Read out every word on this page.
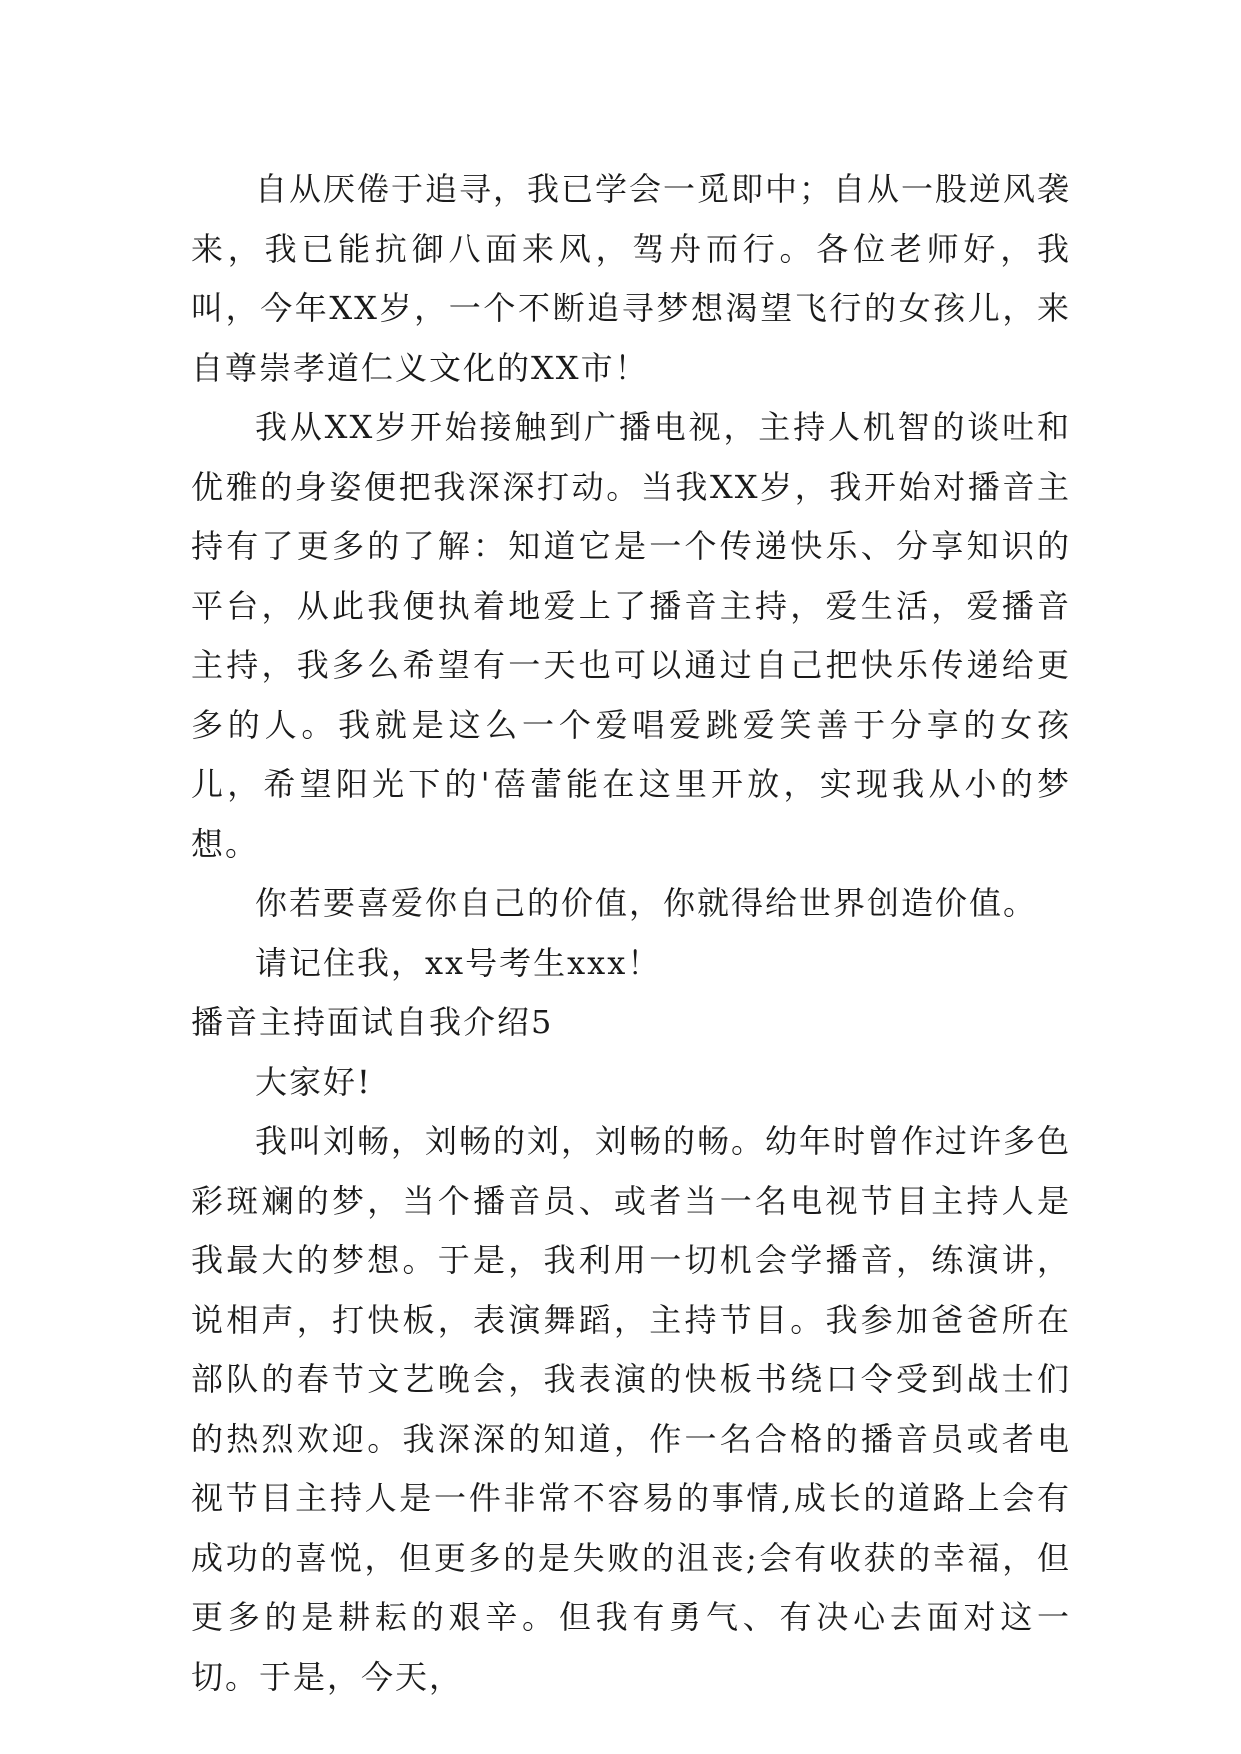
自从厌倦于追寻，我已学会一觅即中；自从一股逆风袭来，我已能抗御八面来风，驾舟而行。各位老师好，我叫，今年XX岁，一个不断追寻梦想渴望飞行的女孩儿，来自尊崇孝道仁义文化的XX市！

我从XX岁开始接触到广播电视，主持人机智的谈吐和优雅的身姿便把我深深打动。当我XX岁，我开始对播音主持有了更多的了解：知道它是一个传递快乐、分享知识的平台，从此我便执着地爱上了播音主持，爱生活，爱播音主持，我多么希望有一天也可以通过自己把快乐传递给更多的人。我就是这么一个爱唱爱跳爱笑善于分享的女孩儿，希望阳光下的'蓓蕾能在这里开放，实现我从小的梦想。

你若要喜爱你自己的价值，你就得给世界创造价值。

请记住我，xx号考生xxx！

播音主持面试自我介绍5

大家好!

我叫刘畅，刘畅的刘，刘畅的畅。幼年时曾作过许多色彩斑斓的梦，当个播音员、或者当一名电视节目主持人是我最大的梦想。于是，我利用一切机会学播音，练演讲，说相声，打快板，表演舞蹈，主持节目。我参加爸爸所在部队的春节文艺晚会，我表演的快板书绕口令受到战士们的热烈欢迎。我深深的知道，作一名合格的播音员或者电视节目主持人是一件非常不容易的事情,成长的道路上会有成功的喜悦，但更多的是失败的沮丧;会有收获的幸福，但更多的是耕耘的艰辛。但我有勇气、有决心去面对这一切。于是，今天，
